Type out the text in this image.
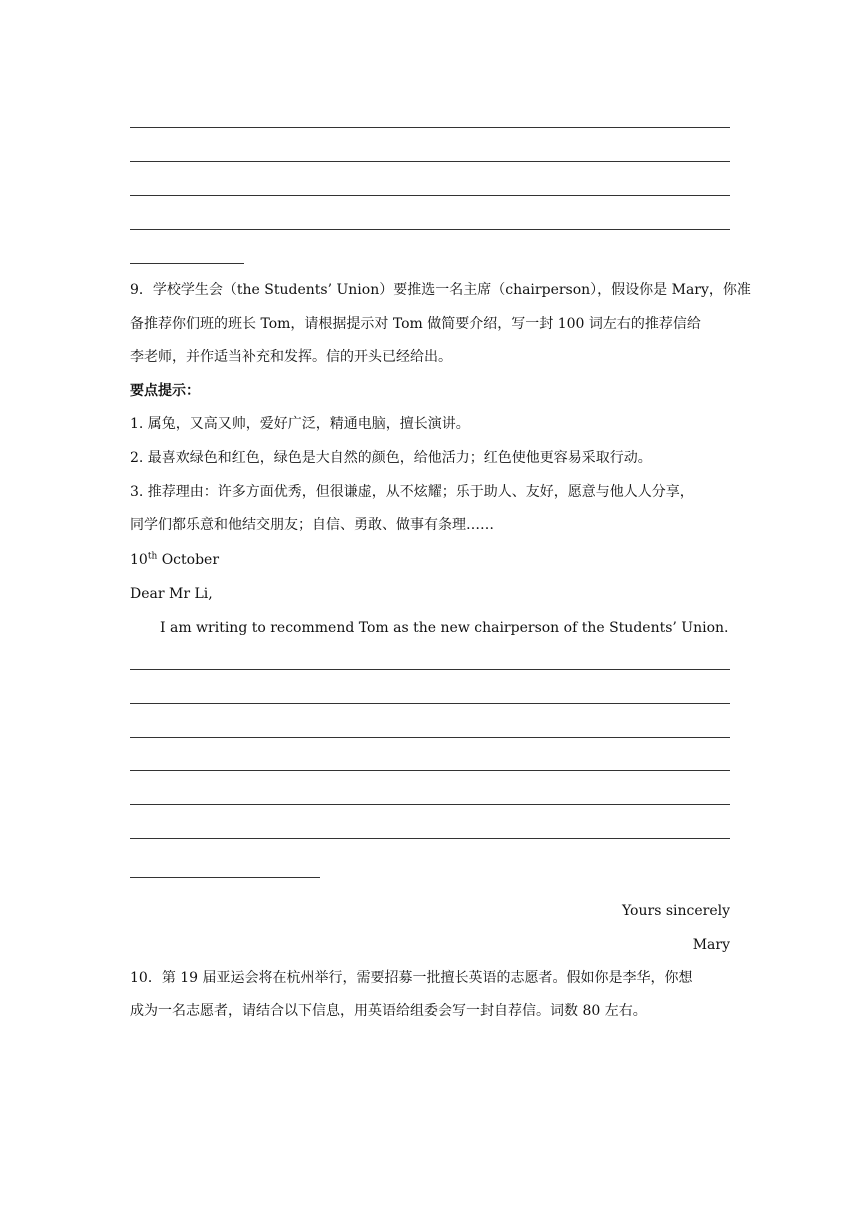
9．学校学生会（the Students’ Union）要推选一名主席（chairperson），假设你是 Mary，你准
备推荐你们班的班长 Tom，请根据提示对 Tom 做简要介绍，写一封 100 词左右的推荐信给
李老师，并作适当补充和发挥。信的开头已经给出。
要点提示：
1. 属兔，又高又帅，爱好广泛，精通电脑，擅长演讲。
2. 最喜欢绿色和红色，绿色是大自然的颜色，给他活力；红色使他更容易采取行动。
3. 推荐理由：许多方面优秀，但很谦虚，从不炫耀；乐于助人、友好，愿意与他人人分享，
同学们都乐意和他结交朋友；自信、勇敢、做事有条理……
10th October
Dear Mr Li,
I am writing to recommend Tom as the new chairperson of the Students’ Union.
Yours sincerely
Mary
10．第 19 届亚运会将在杭州举行，需要招募一批擅长英语的志愿者。假如你是李华，你想
成为一名志愿者，请结合以下信息，用英语给组委会写一封自荐信。词数 80 左右。
